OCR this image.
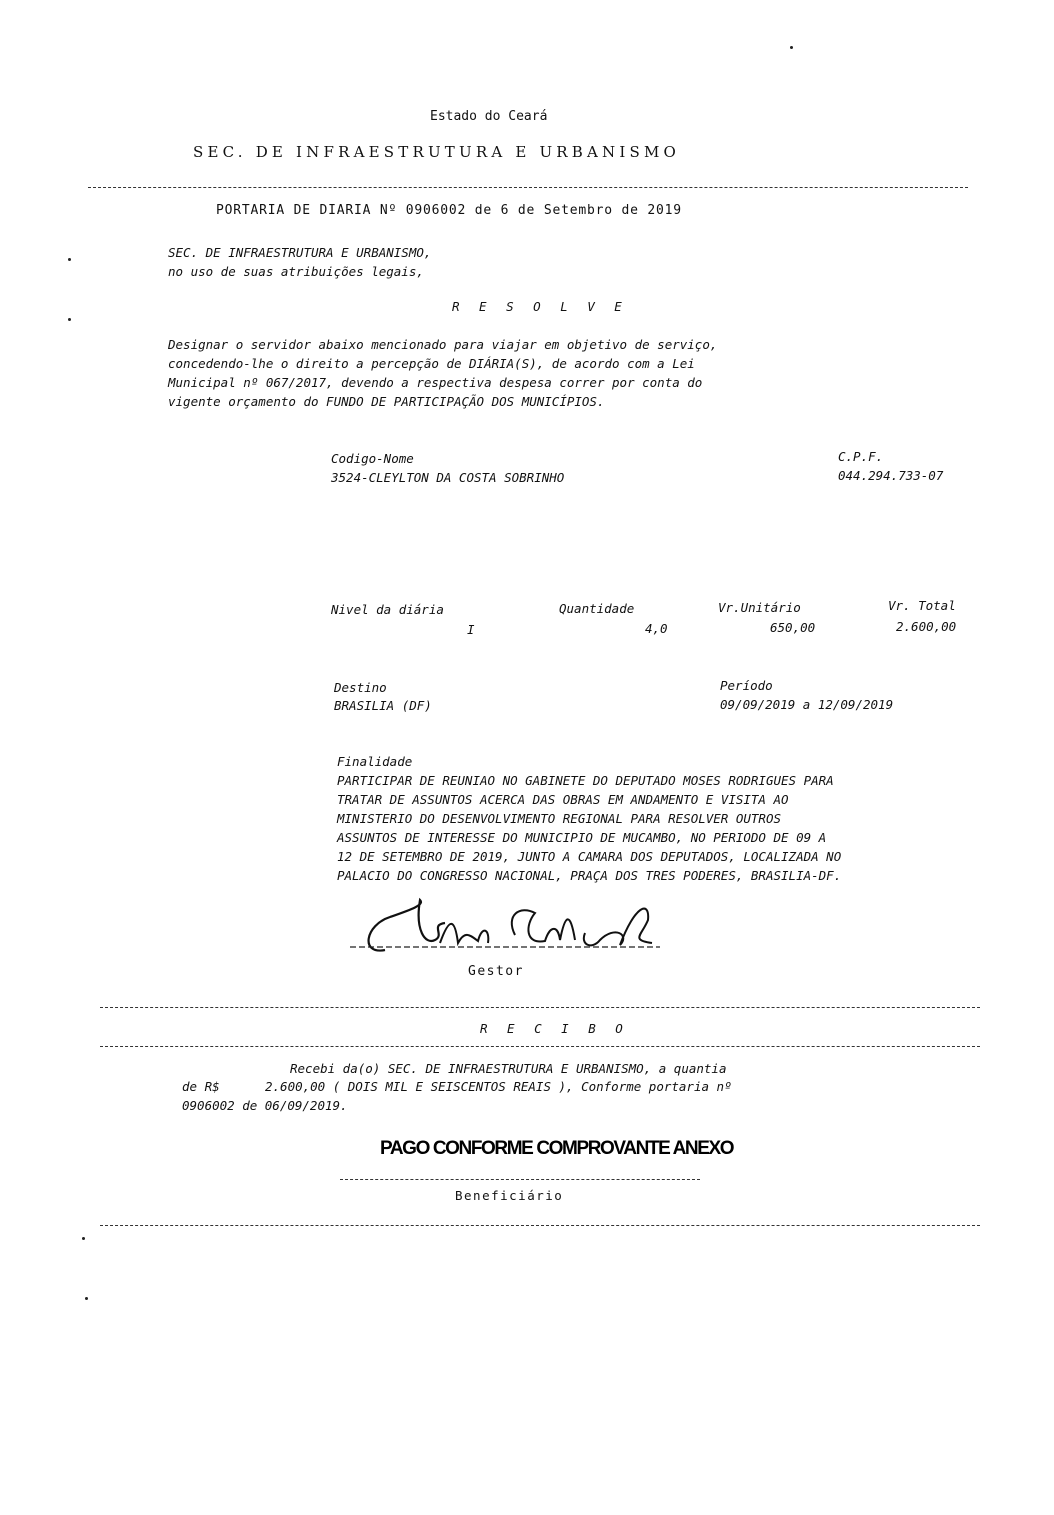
Estado do Ceará
SEC. DE INFRAESTRUTURA E URBANISMO
PORTARIA DE DIARIA Nº 0906002 de 6 de Setembro de 2019
SEC. DE INFRAESTRUTURA E URBANISMO,
no uso de suas atribuições legais,
R E S O L V E
Designar o servidor abaixo mencionado para viajar em objetivo de serviço,
concedendo-lhe o direito a percepção de DIÁRIA(S), de acordo com a Lei
Municipal nº 067/2017, devendo a respectiva despesa correr por conta do
vigente orçamento do FUNDO DE PARTICIPAÇÃO DOS MUNICÍPIOS.
Codigo-Nome
3524-CLEYLTON DA COSTA SOBRINHO
C.P.F.
044.294.733-07
Nivel da diária
I
Quantidade
4,0
Vr.Unitário
650,00
Vr. Total
2.600,00
Destino
BRASILIA (DF)
Período
09/09/2019 a 12/09/2019
Finalidade
PARTICIPAR DE REUNIAO NO GABINETE DO DEPUTADO MOSES RODRIGUES PARA
TRATAR DE ASSUNTOS ACERCA DAS OBRAS EM ANDAMENTO E VISITA AO
MINISTERIO DO DESENVOLVIMENTO REGIONAL PARA RESOLVER OUTROS
ASSUNTOS DE INTERESSE DO MUNICIPIO DE MUCAMBO, NO PERIODO DE 09 A
12 DE SETEMBRO DE 2019, JUNTO A CAMARA DOS DEPUTADOS, LOCALIZADA NO
PALACIO DO CONGRESSO NACIONAL, PRAÇA DOS TRES PODERES, BRASILIA-DF.
Gestor
R E C I B O
Recebi da(o) SEC. DE INFRAESTRUTURA E URBANISMO, a quantia
de R$	2.600,00 ( DOIS MIL E SEISCENTOS REAIS ), Conforme portaria nº
0906002 de 06/09/2019.
PAGO CONFORME COMPROVANTE ANEXO
Beneficiário
